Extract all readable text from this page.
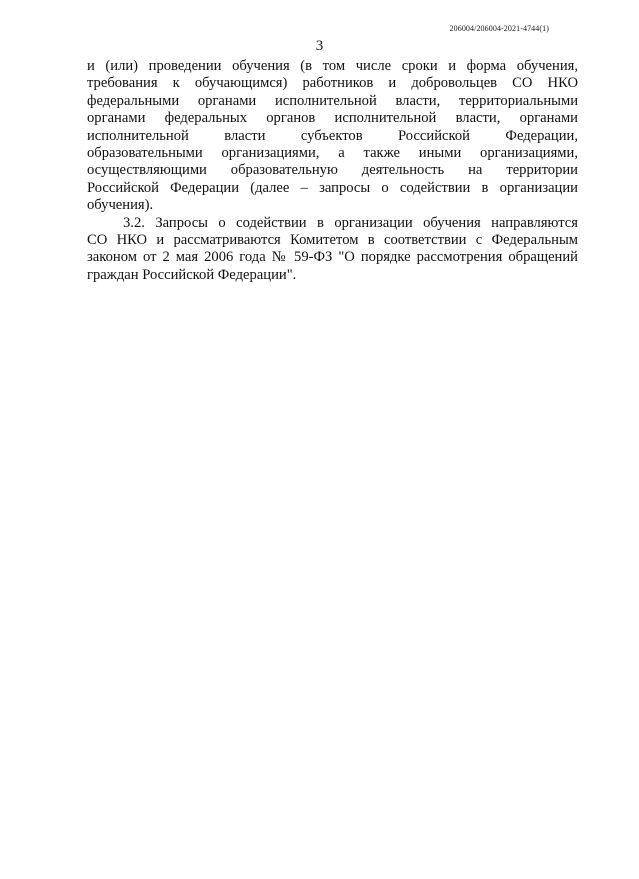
206004/206004-2021-4744(1)
3

и (или) проведении обучения (в том числе сроки и форма обучения,
требования к обучающимся) работников и добровольцев СО НКО
федеральными органами исполнительной власти, территориальными
органами федеральных органов исполнительной власти, органами
исполнительной власти субъектов Российской Федерации,
образовательными организациями, а также иными организациями,
осуществляющими образовательную деятельность на территории
Российской Федерации (далее – запросы о содействии в организации
обучения).

3.2. Запросы о содействии в организации обучения направляются
СО НКО и рассматриваются Комитетом в соответствии с Федеральным
законом от 2 мая 2006 года № 59-ФЗ "О порядке рассмотрения обращений
граждан Российской Федерации".
